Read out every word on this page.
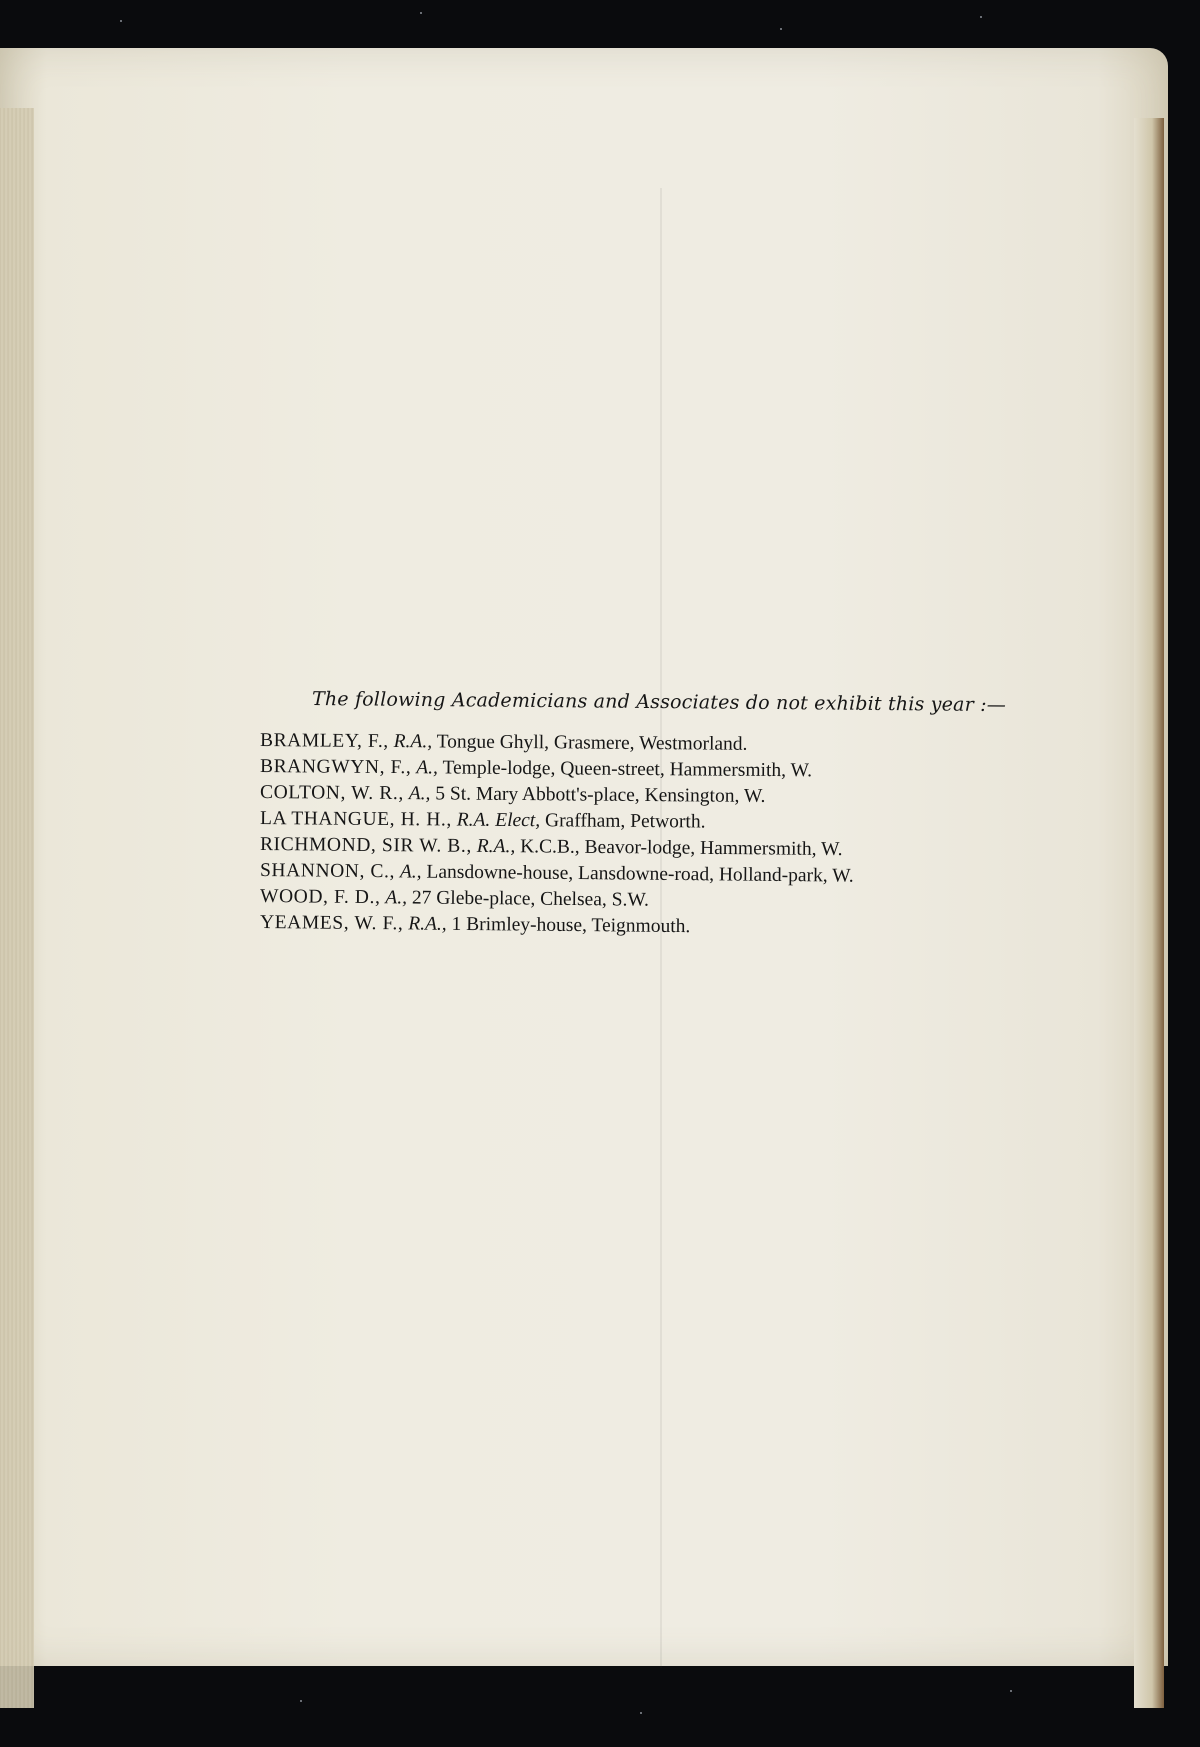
The following Academicians and Associates do not exhibit this year :—
BRAMLEY, F., R.A., Tongue Ghyll, Grasmere, Westmorland.
BRANGWYN, F., A., Temple-lodge, Queen-street, Hammersmith, W.
COLTON, W. R., A., 5 St. Mary Abbott's-place, Kensington, W.
LA THANGUE, H. H., R.A. Elect, Graffham, Petworth.
RICHMOND, SIR W. B., R.A., K.C.B., Beavor-lodge, Hammersmith, W.
SHANNON, C., A., Lansdowne-house, Lansdowne-road, Holland-park, W.
WOOD, F. D., A., 27 Glebe-place, Chelsea, S.W.
YEAMES, W. F., R.A., 1 Brimley-house, Teignmouth.
